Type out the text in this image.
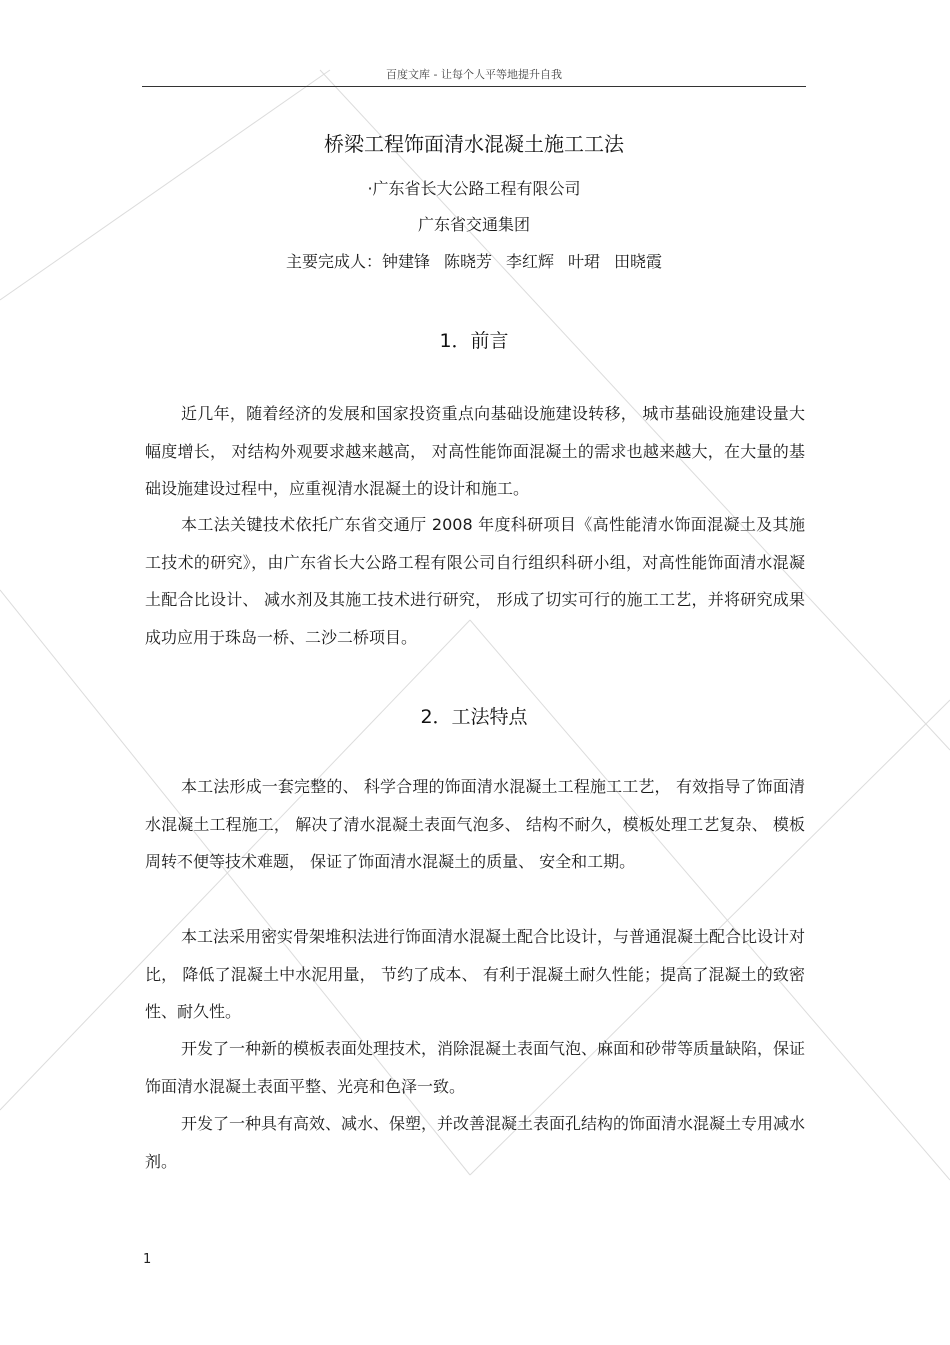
百度文库 - 让每个人平等地提升自我
桥梁工程饰面清水混凝土施工工法
·广东省长大公路工程有限公司
广东省交通集团
主要完成人：钟建锋 陈晓芳 李红辉 叶珺 田晓霞
1．前言

近几年，随着经济的发展和国家投资重点向基础设施建设转移， 城市基础设施建设量大幅度增长， 对结构外观要求越来越高， 对高性能饰面混凝土的需求也越来越大，在大量的基础设施建设过程中，应重视清水混凝土的设计和施工。

本工法关键技术依托广东省交通厅 2008 年度科研项目《高性能清水饰面混凝土及其施工技术的研究》，由广东省长大公路工程有限公司自行组织科研小组，对高性能饰面清水混凝土配合比设计、 减水剂及其施工技术进行研究， 形成了切实可行的施工工艺，并将研究成果成功应用于珠岛一桥、二沙二桥项目。

2．工法特点

本工法形成一套完整的、 科学合理的饰面清水混凝土工程施工工艺， 有效指导了饰面清水混凝土工程施工， 解决了清水混凝土表面气泡多、 结构不耐久，模板处理工艺复杂、 模板周转不便等技术难题， 保证了饰面清水混凝土的质量、 安全和工期。

本工法采用密实骨架堆积法进行饰面清水混凝土配合比设计，与普通混凝土配合比设计对比， 降低了混凝土中水泥用量， 节约了成本、 有利于混凝土耐久性能；提高了混凝土的致密性、耐久性。

开发了一种新的模板表面处理技术，消除混凝土表面气泡、麻面和砂带等质量缺陷，保证饰面清水混凝土表面平整、光亮和色泽一致。

开发了一种具有高效、减水、保塑，并改善混凝土表面孔结构的饰面清水混凝土专用减水剂。

1
